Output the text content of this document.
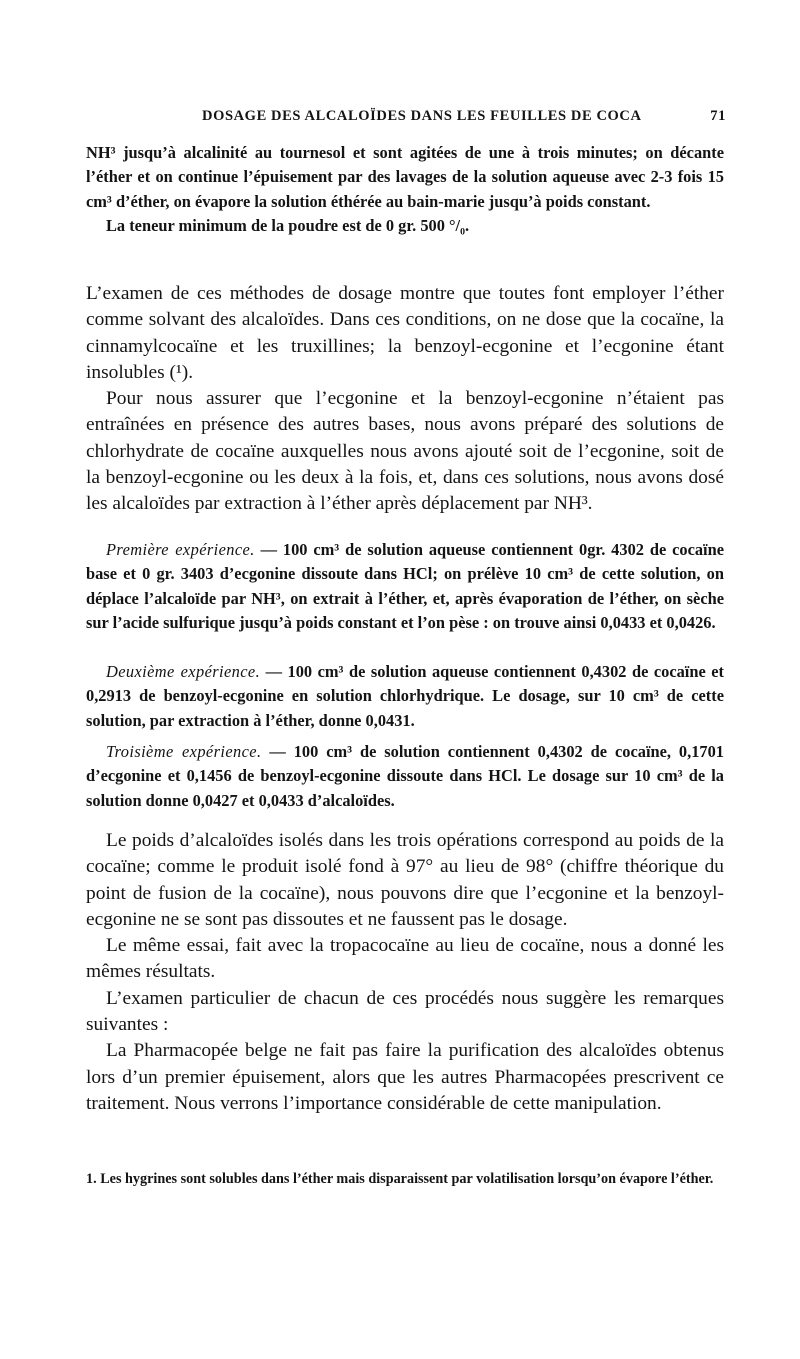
DOSAGE DES ALCALOÏDES DANS LES FEUILLES DE COCA	71

NH³ jusqu’à alcalinité au tournesol et sont agitées de une à trois minutes; on décante l’éther et on continue l’épuisement par des lavages de la solution aqueuse avec 2-3 fois 15 cm³ d’éther, on évapore la solution éthérée au bain-marie jusqu’à poids constant.

La teneur minimum de la poudre est de 0 gr. 500 °/₀.

L’examen de ces méthodes de dosage montre que toutes font employer l’éther comme solvant des alcaloïdes. Dans ces conditions, on ne dose que la cocaïne, la cinnamylcocaïne et les truxillines; la benzoyl-ecgonine et l’ecgonine étant insolubles (¹).

Pour nous assurer que l’ecgonine et la benzoyl-ecgonine n’étaient pas entraînées en présence des autres bases, nous avons préparé des solutions de chlorhydrate de cocaïne auxquelles nous avons ajouté soit de l’ecgonine, soit de la benzoyl-ecgonine ou les deux à la fois, et, dans ces solutions, nous avons dosé les alcaloïdes par extraction à l’éther après déplacement par NH³.

Première expérience. — 100 cm³ de solution aqueuse contiennent 0gr. 4302 de cocaïne base et 0 gr. 3403 d’ecgonine dissoute dans HCl; on prélève 10 cm³ de cette solution, on déplace l’alcaloïde par NH³, on extrait à l’éther, et, après évaporation de l’éther, on sèche sur l’acide sulfurique jusqu’à poids constant et l’on pèse : on trouve ainsi 0,0433 et 0,0426.

Deuxième expérience. — 100 cm³ de solution aqueuse contiennent 0,4302 de cocaïne et 0,2913 de benzoyl-ecgonine en solution chlorhydrique. Le dosage, sur 10 cm³ de cette solution, par extraction à l’éther, donne 0,0431.

Troisième expérience. — 100 cm³ de solution contiennent 0,4302 de cocaïne, 0,1701 d’ecgonine et 0,1456 de benzoyl-ecgonine dissoute dans HCl. Le dosage sur 10 cm³ de la solution donne 0,0427 et 0,0433 d’alcaloïdes.

Le poids d’alcaloïdes isolés dans les trois opérations correspond au poids de la cocaïne; comme le produit isolé fond à 97° au lieu de 98° (chiffre théorique du point de fusion de la cocaïne), nous pouvons dire que l’ecgonine et la benzoyl-ecgonine ne se sont pas dissoutes et ne faussent pas le dosage.

Le même essai, fait avec la tropacocaïne au lieu de cocaïne, nous a donné les mêmes résultats.

L’examen particulier de chacun de ces procédés nous suggère les remarques suivantes :

La Pharmacopée belge ne fait pas faire la purification des alcaloïdes obtenus lors d’un premier épuisement, alors que les autres Pharmacopées prescrivent ce traitement. Nous verrons l’importance considérable de cette manipulation.

1. Les hygrines sont solubles dans l’éther mais disparaissent par volatilisation lorsqu’on évapore l’éther.
